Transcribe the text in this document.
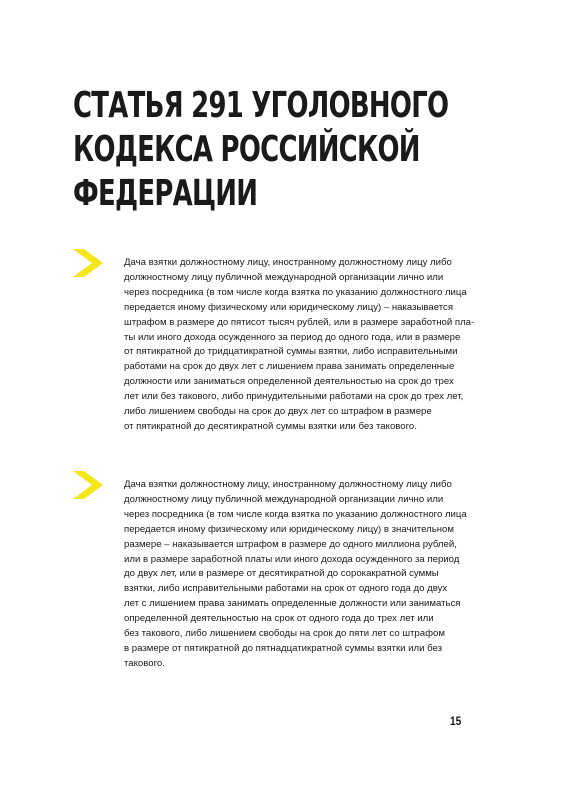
СТАТЬЯ 291 УГОЛОВНОГО
КОДЕКСА РОССИЙСКОЙ
ФЕДЕРАЦИИ

Дача взятки должностному лицу, иностранному должностному лицу либо
должностному лицу публичной международной организации лично или
через посредника (в том числе когда взятка по указанию должностного лица
передается иному физическому или юридическому лицу) – наказывается
штрафом в размере до пятисот тысяч рублей, или в размере заработной пла-
ты или иного дохода осужденного за период до одного года, или в размере
от пятикратной до тридцатикратной суммы взятки, либо исправительными
работами на срок до двух лет с лишением права занимать определенные
должности или заниматься определенной деятельностью на срок до трех
лет или без такового, либо принудительными работами на срок до трех лет,
либо лишением свободы на срок до двух лет со штрафом в размере
от пятикратной до десятикратной суммы взятки или без такового.

Дача взятки должностному лицу, иностранному должностному лицу либо
должностному лицу публичной международной организации лично или
через посредника (в том числе когда взятка по указанию должностного лица
передается иному физическому или юридическому лицу) в значительном
размере – наказывается штрафом в размере до одного миллиона рублей,
или в размере заработной платы или иного дохода осужденного за период
до двух лет, или в размере от десятикратной до сорокакратной суммы
взятки, либо исправительными работами на срок от одного года до двух
лет с лишением права занимать определенные должности или заниматься
определенной деятельностью на срок от одного года до трех лет или
без такового, либо лишением свободы на срок до пяти лет со штрафом
в размере от пятикратной до пятнадцатикратной суммы взятки или без
такового.

15
